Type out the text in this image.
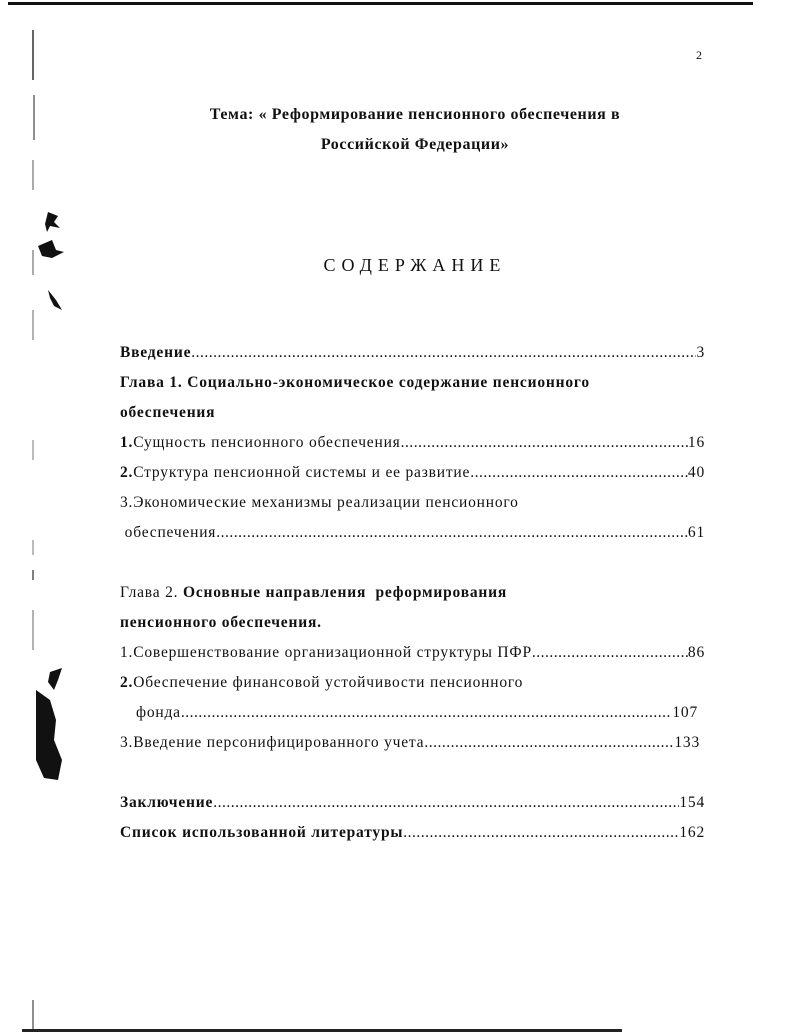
2
Тема: « Реформирование пенсионного обеспечения в
Российской Федерации»
СОДЕРЖАНИЕ
Введение .....	3
Глава 1. Социально-экономическое содержание пенсионного
обеспечения
1. Сущность пенсионного обеспечения .....	16
2. Структура пенсионной системы и ее развитие .....	40
3.Экономические механизмы реализации пенсионного
обеспечения .....	61
Глава 2. Основные направления  реформирования
пенсионного обеспечения.
1.Совершенствование организационной структуры ПФР .....	86
2.Обеспечение финансовой устойчивости пенсионного
фонда .....	107
3.Введение персонифицированного учета .....	133
Заключение .....	154
Список использованной литературы .....	162
